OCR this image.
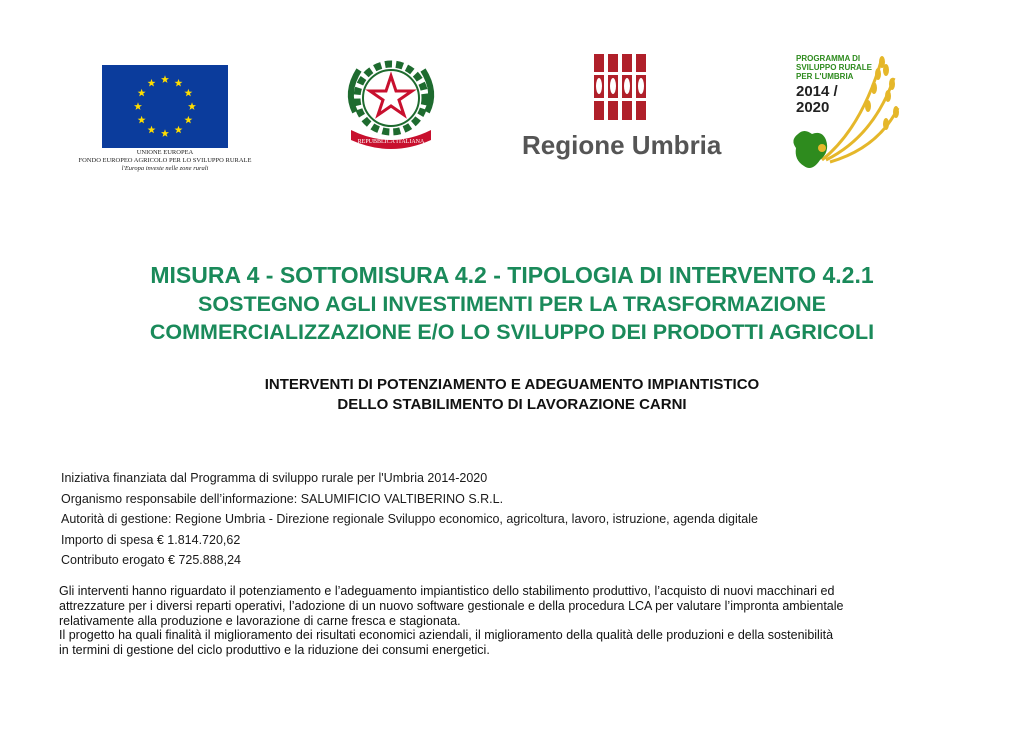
UNIONE EUROPEA
FONDO EUROPEO AGRICOLO PER LO SVILUPPO RURALE
l'Europa investe nelle zone rurali
REPUBBLICA ITALIANA	Regione Umbria
PROGRAMMA DI
SVILUPPO RURALE
PER L'UMBRIA
2014 /
2020
MISURA 4 - SOTTOMISURA 4.2 - TIPOLOGIA DI INTERVENTO 4.2.1
SOSTEGNO AGLI INVESTIMENTI PER LA TRASFORMAZIONE
COMMERCIALIZZAZIONE E/O LO SVILUPPO DEI PRODOTTI AGRICOLI
INTERVENTI DI POTENZIAMENTO E ADEGUAMENTO IMPIANTISTICO
DELLO STABILIMENTO DI LAVORAZIONE CARNI
Iniziativa finanziata dal Programma di sviluppo rurale per l'Umbria 2014-2020
Organismo responsabile dell’informazione: SALUMIFICIO VALTIBERINO S.R.L.
Autorità di gestione: Regione Umbria - Direzione regionale Sviluppo economico, agricoltura, lavoro, istruzione, agenda digitale
Importo di spesa € 1.814.720,62
Contributo erogato € 725.888,24
Gli interventi hanno riguardato il potenziamento e l’adeguamento impiantistico dello stabilimento produttivo, l’acquisto di nuovi macchinari ed
attrezzature per i diversi reparti operativi, l’adozione di un nuovo software gestionale e della procedura LCA per valutare l’impronta ambientale
relativamente alla produzione e lavorazione di carne fresca e stagionata.
Il progetto ha quali finalità il miglioramento dei risultati economici aziendali, il miglioramento della qualità delle produzioni e della sostenibilità
in termini di gestione del ciclo produttivo e la riduzione dei consumi energetici.
